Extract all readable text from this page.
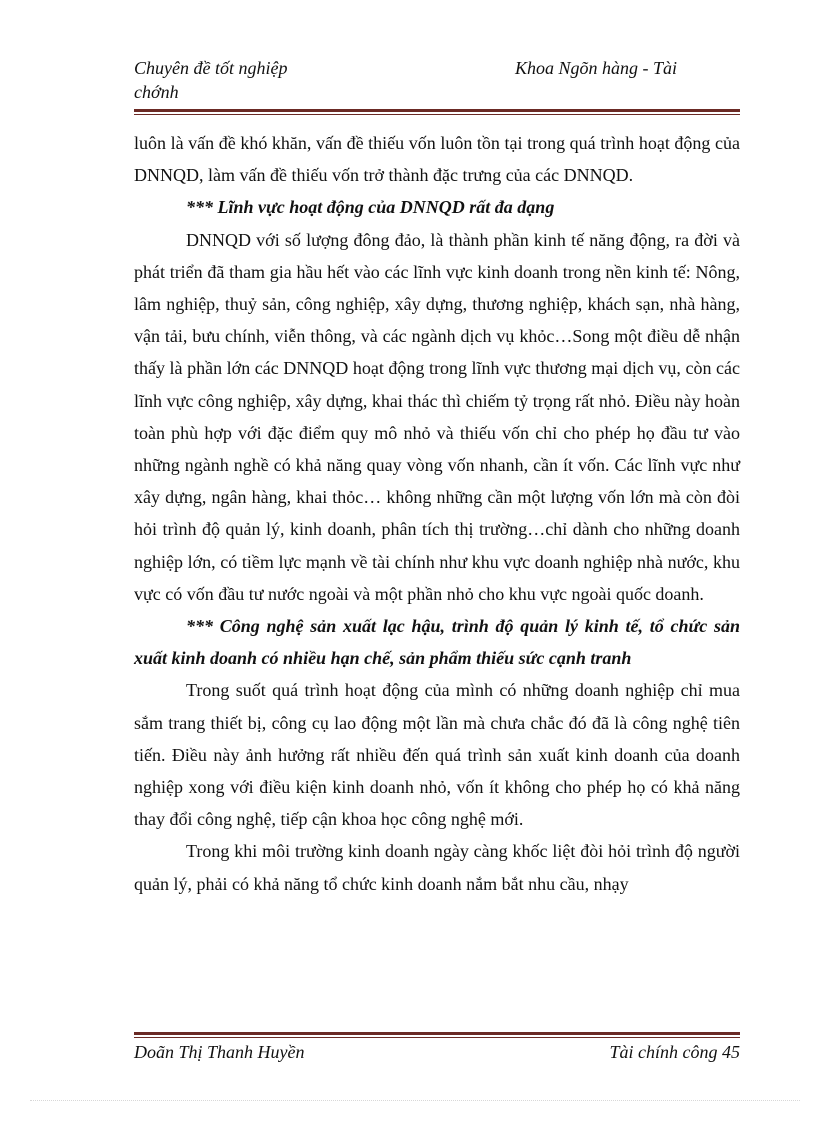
Chuyên đề tốt nghiệp chớnh
Khoa Ngõn hàng - Tài

luôn là vấn đề khó khăn, vấn đề thiếu vốn luôn tồn tại trong quá trình hoạt động của DNNQD, làm vấn đề thiếu vốn trở thành đặc trưng của các DNNQD.

*** Lĩnh vực hoạt động của DNNQD rất đa dạng

DNNQD với số lượng đông đảo, là thành phần kinh tế năng động, ra đời và phát triển đã tham gia hầu hết vào các lĩnh vực kinh doanh trong nền kinh tế: Nông, lâm nghiệp, thuỷ sản, công nghiệp, xây dựng, thương nghiệp, khách sạn, nhà hàng, vận tải, bưu chính, viễn thông, và các ngành dịch vụ khỏc…Song một điều dễ nhận thấy là phần lớn các DNNQD hoạt động trong lĩnh vực thương mại dịch vụ, còn các lĩnh vực công nghiệp, xây dựng, khai thác thì chiếm tỷ trọng rất nhỏ. Điều này hoàn toàn phù hợp với đặc điểm quy mô nhỏ và thiếu vốn chỉ cho phép họ đầu tư vào những ngành nghề có khả năng quay vòng vốn nhanh, cần ít vốn. Các lĩnh vực như xây dựng, ngân hàng, khai thỏc… không những cần một lượng vốn lớn mà còn đòi hỏi trình độ quản lý, kinh doanh, phân tích thị trường…chỉ dành cho những doanh nghiệp lớn, có tiềm lực mạnh về tài chính như khu vực doanh nghiệp nhà nước, khu vực có vốn đầu tư nước ngoài và một phần nhỏ cho khu vực ngoài quốc doanh.

*** Công nghệ sản xuất lạc hậu, trình độ quản lý kinh tế, tổ chức sản xuất kinh doanh có nhiều hạn chế, sản phẩm thiếu sức cạnh tranh

Trong suốt quá trình hoạt động của mình có những doanh nghiệp chỉ mua sắm trang thiết bị, công cụ lao động một lần mà chưa chắc đó đã là công nghệ tiên tiến. Điều này ảnh hưởng rất nhiều đến quá trình sản xuất kinh doanh của doanh nghiệp xong với điều kiện kinh doanh nhỏ, vốn ít không cho phép họ có khả năng thay đổi công nghệ, tiếp cận khoa học công nghệ mới.

Trong khi môi trường kinh doanh ngày càng khốc liệt đòi hỏi trình độ người quản lý, phải có khả năng tổ chức kinh doanh nắm bắt nhu cầu, nhạy

Doãn Thị Thanh Huyền	Tài chính công 45
